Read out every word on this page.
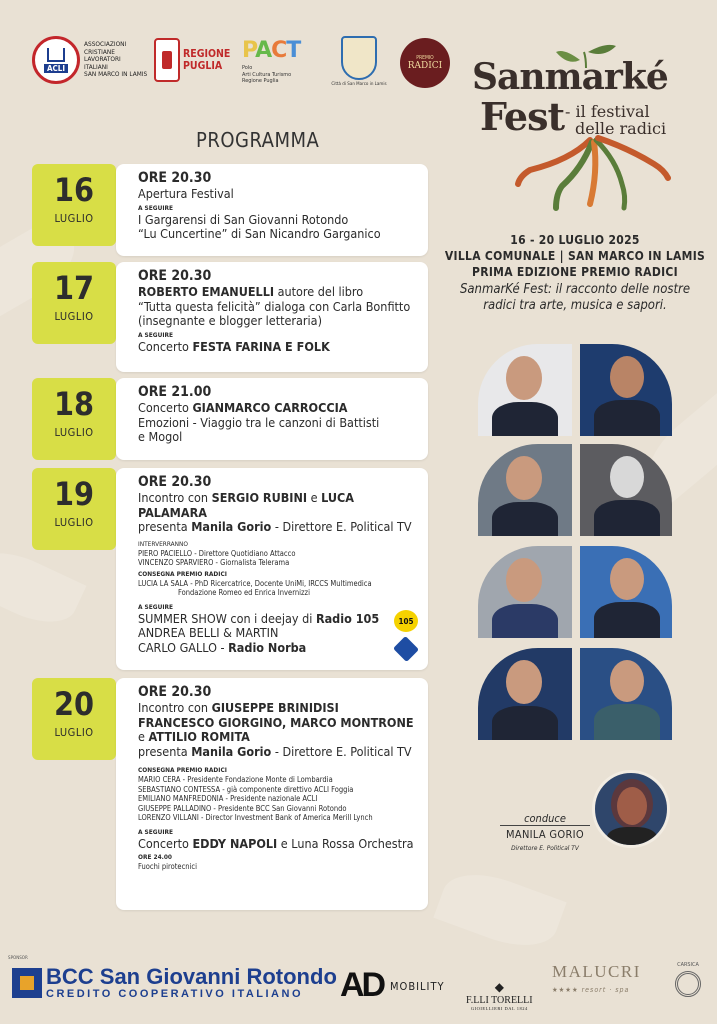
ACLI
ASSOCIAZIONI
CRISTIANE
LAVORATORI
ITALIANI
SAN MARCO IN LAMIS
REGIONE
PUGLIA
PACT
Polo
Arti Cultura Turismo
Regione Puglia
Città di San Marco in Lamis
PREMIO
RADICI Sanmarké
Fest - il festival
delle radici
16 - 20 LUGLIO 2025
VILLA COMUNALE | SAN MARCO IN LAMIS
PRIMA EDIZIONE PREMIO RADICI
SanmarKé Fest: il racconto delle nostre
radici tra arte, musica e sapori.
PROGRAMMA
16
LUGLIO
ORE 20.30
Apertura Festival
A SEGUIRE
I Gargarensi di San Giovanni Rotondo
“Lu Cuncertine” di San Nicandro Garganico
17
LUGLIO
ORE 20.30
ROBERTO EMANUELLI autore del libro
“Tutta questa felicità” dialoga con Carla Bonfitto
(insegnante e blogger letteraria)
A SEGUIRE
Concerto FESTA FARINA E FOLK
18
LUGLIO
ORE 21.00
Concerto GIANMARCO CARROCCIA
Emozioni - Viaggio tra le canzoni di Battisti
e Mogol
19
LUGLIO
ORE 20.30
Incontro con SERGIO RUBINI e LUCA PALAMARA
presenta Manila Gorio - Direttore E. Political TV
INTERVERRANNO
PIERO PACIELLO - Direttore Quotidiano Attacco
VINCENZO SPARVIERO - Giornalista Telerama
CONSEGNA PREMIO RADICI
LUCIA LA SALA - PhD Ricercatrice, Docente UniMi, IRCCS Multimedica
Fondazione Romeo ed Enrica Invernizzi
A SEGUIRE
SUMMER SHOW con i deejay di Radio 105
ANDREA BELLI & MARTIN
CARLO GALLO - Radio Norba
105
20
LUGLIO
ORE 20.30
Incontro con GIUSEPPE BRINIDISI
FRANCESCO GIORGINO, MARCO MONTRONE
e ATTILIO ROMITA
presenta Manila Gorio - Direttore E. Political TV
CONSEGNA PREMIO RADICI
MARIO CERA - Presidente Fondazione Monte di Lombardia
SEBASTIANO CONTESSA - già componente direttivo ACLI Foggia
EMILIANO MANFREDONIA - Presidente nazionale ACLI
GIUSEPPE PALLADINO - Presidente BCC San Giovanni Rotondo
LORENZO VILLANI - Director Investment Bank of America Merill Lynch
A SEGUIRE
Concerto EDDY NAPOLI e Luna Rossa Orchestra
ORE 24.00
Fuochi pirotecnici
conduce
MANILA GORIO
Direttore E. Political TV
SPONSOR
BCC San Giovanni Rotondo
CREDITO COOPERATIVO ITALIANO AD MOBILITY	◆
F.LLI TORELLI
GIOIELLIERI DAL 1824
MALUCRI
★★★★ resort · spa
CARSICA
